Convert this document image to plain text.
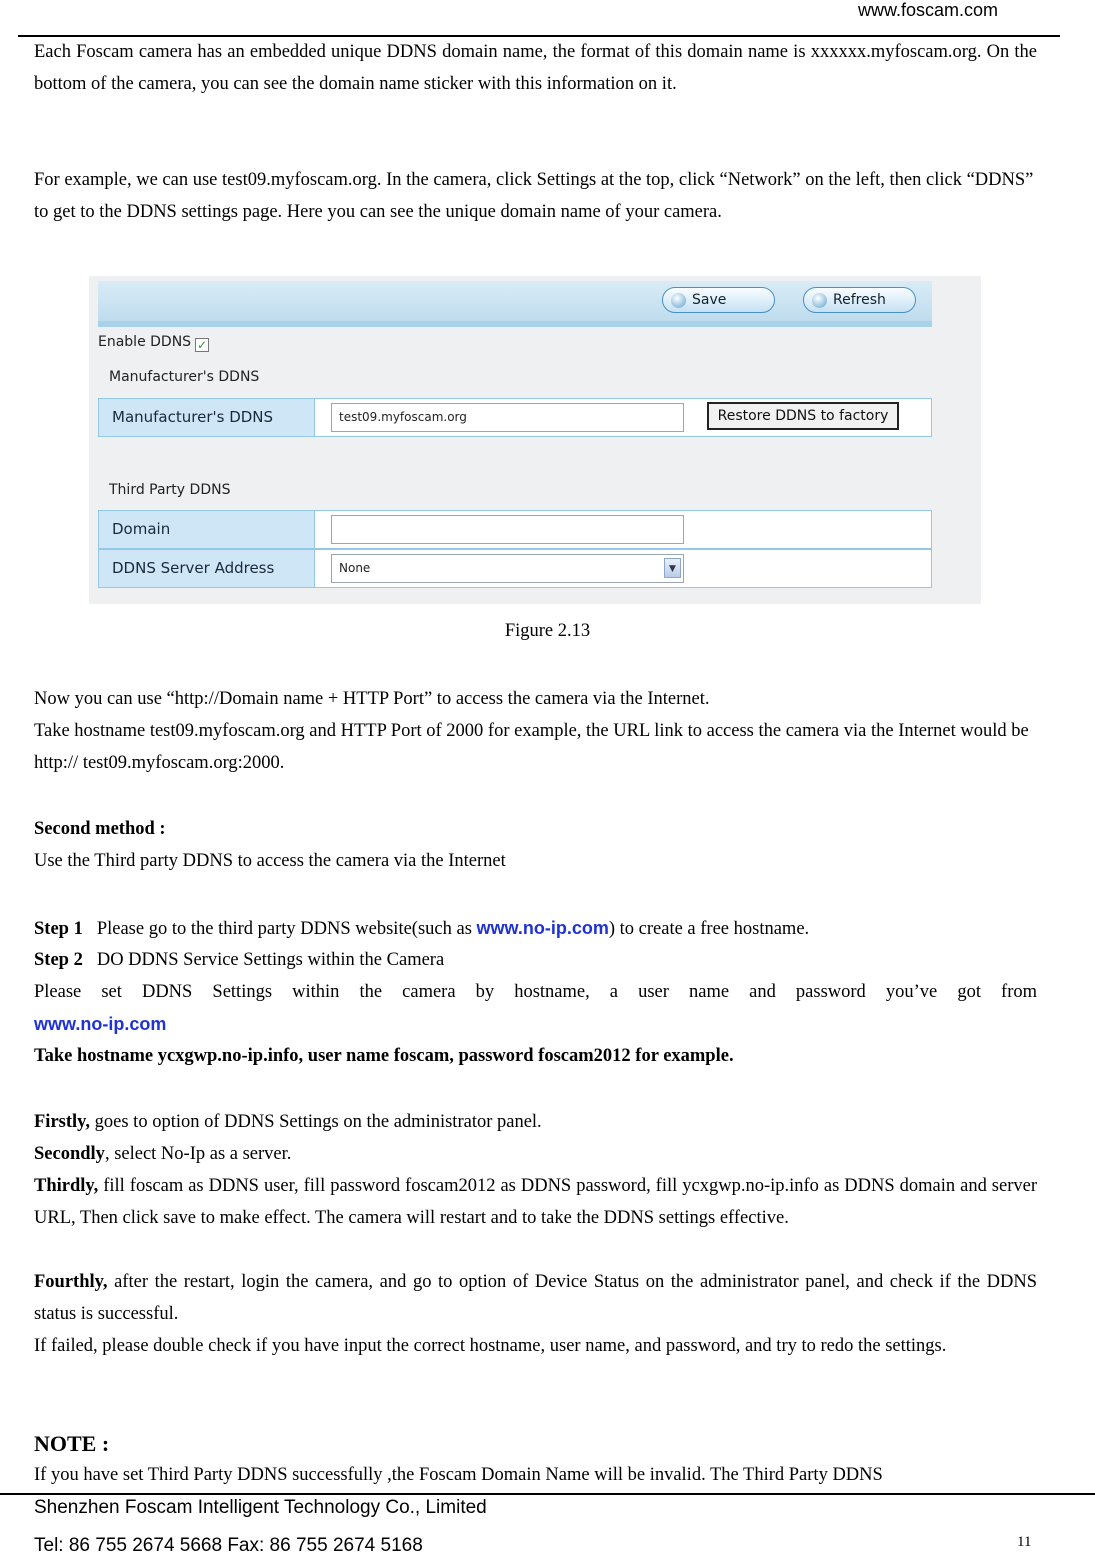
www.foscam.com
Each Foscam camera has an embedded unique DDNS domain name, the format of this domain name is xxxxxx.myfoscam.org. On the bottom of the camera, you can see the domain name sticker with this information on it.
For example, we can use test09.myfoscam.org. In the camera, click Settings at the top, click “Network” on the left, then click “DDNS” to get to the DDNS settings page. Here you can see the unique domain name of your camera.
Save	Refresh
Enable DDNS ✓
Manufacturer's DDNS
Manufacturer's DDNS	test09.myfoscam.org	Restore DDNS to factory
Third Party DDNS
Domain
DDNS Server Address	None	▼
Figure 2.13
Now you can use “http://Domain name + HTTP Port” to access the camera via the Internet.
Take hostname test09.myfoscam.org and HTTP Port of 2000 for example, the URL link to access the camera via the Internet would be http:// test09.myfoscam.org:2000.
Second method :
Use the Third party DDNS to access the camera via the Internet
Step 1 Please go to the third party DDNS website(such as www.no-ip.com) to create a free hostname.
Step 2 DO DDNS Service Settings within the Camera
Please set DDNS Settings within the camera by hostname, a user name and password you’ve got from
www.no-ip.com
Take hostname ycxgwp.no-ip.info, user name foscam, password foscam2012 for example.
Firstly, goes to option of DDNS Settings on the administrator panel.
Secondly, select No-Ip as a server.
Thirdly, fill foscam as DDNS user, fill password foscam2012 as DDNS password, fill ycxgwp.no-ip.info as DDNS domain and server URL, Then click save to make effect. The camera will restart and to take the DDNS settings effective.
Fourthly, after the restart, login the camera, and go to option of Device Status on the administrator panel, and check if the DDNS status is successful.
If failed, please double check if you have input the correct hostname, user name, and password, and try to redo the settings.
NOTE :
If you have set Third Party DDNS successfully ,the Foscam Domain Name will be invalid. The Third Party DDNS
Shenzhen Foscam Intelligent Technology Co., Limited
Tel: 86 755 2674 5668 Fax: 86 755 2674 5168	11
